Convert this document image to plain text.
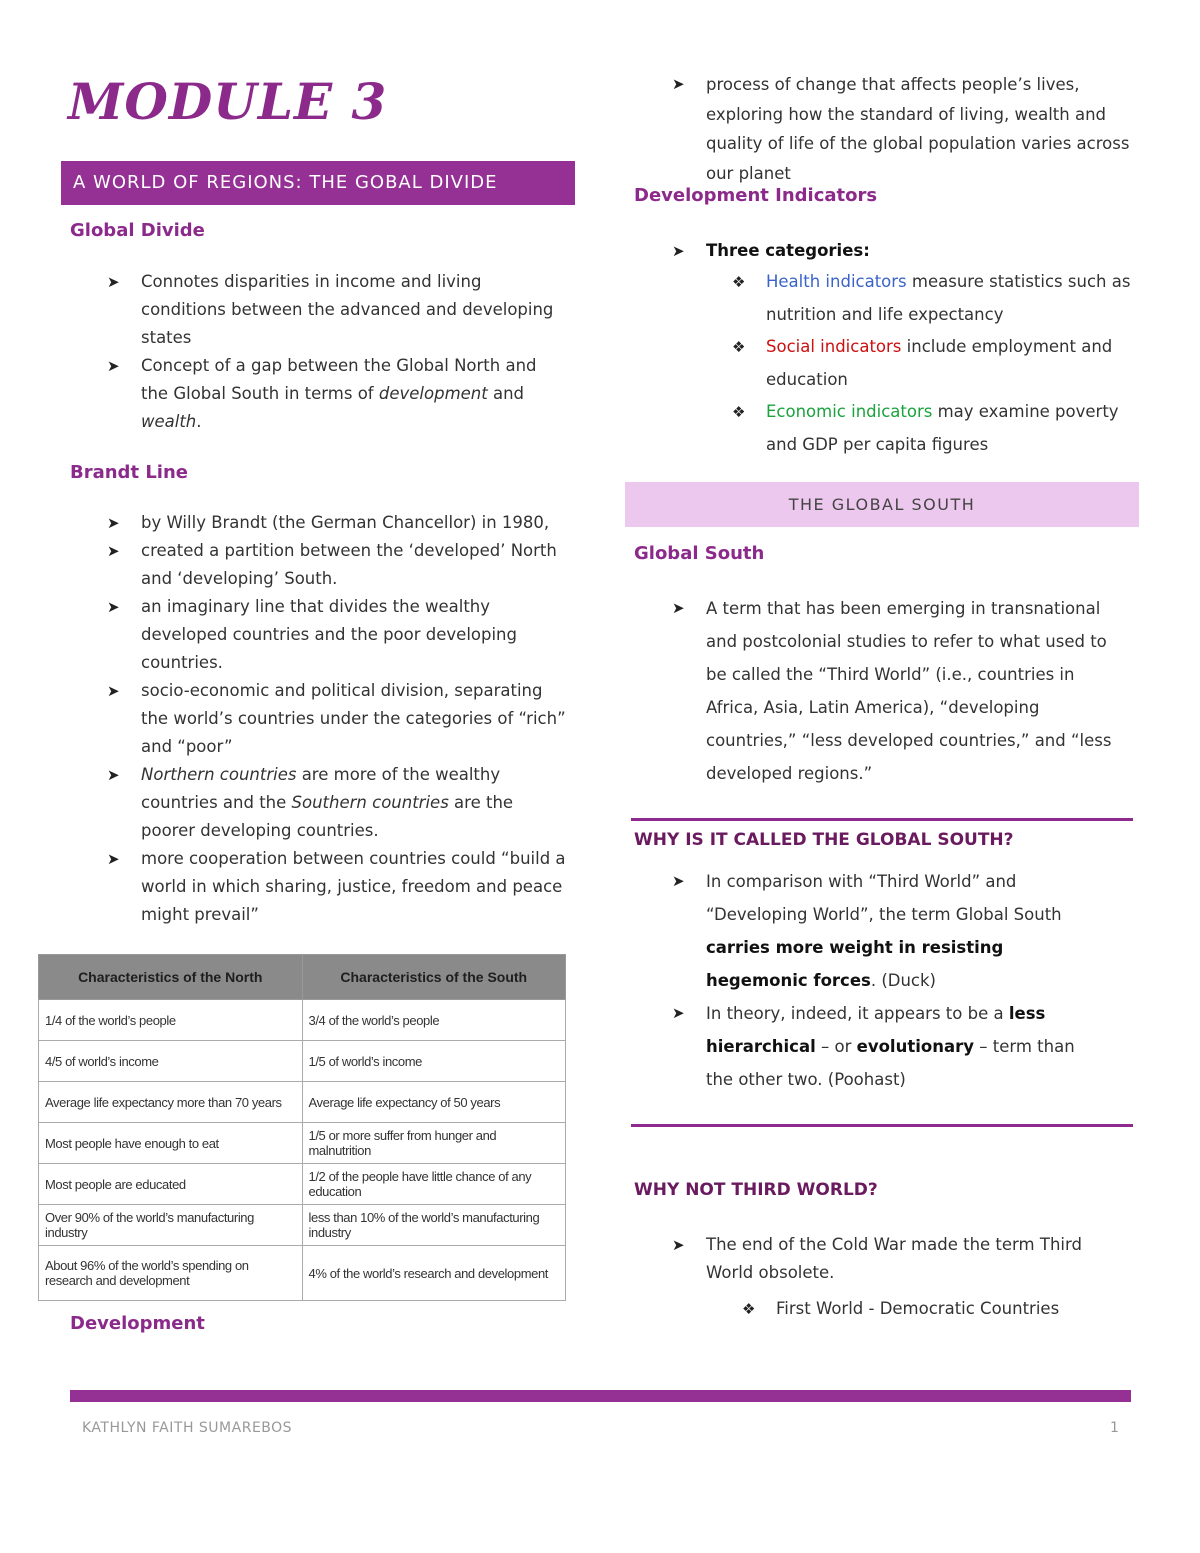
MODULE 3
A WORLD OF REGIONS: THE GOBAL DIVIDE
Global Divide
➤ Connotes disparities in income and living conditions between the advanced and developing states
➤ Concept of a gap between the Global North and the Global South in terms of development and wealth.
Brandt Line
➤ by Willy Brandt (the German Chancellor) in 1980,
➤ created a partition between the ‘developed’ North and ‘developing’ South.
➤ an imaginary line that divides the wealthy developed countries and the poor developing countries.
➤ socio-economic and political division, separating the world’s countries under the categories of “rich” and “poor”
➤ Northern countries are more of the wealthy countries and the Southern countries are the poorer developing countries.
➤ more cooperation between countries could “build a world in which sharing, justice, freedom and peace might prevail”
Characteristics of the North	Characteristics of the South
1/4 of the world’s people	3/4 of the world’s people
4/5 of world’s income	1/5 of world’s income
Average life expectancy more than 70 years	Average life expectancy of 50 years
Most people have enough to eat	1/5 or more suffer from hunger and malnutrition
Most people are educated	1/2 of the people have little chance of any education
Over 90% of the world’s manufacturing industry	less than 10% of the world’s manufacturing industry
About 96% of the world’s spending on research and development	4% of the world’s research and development
Development
➤ process of change that affects people’s lives, exploring how the standard of living, wealth and quality of life of the global population varies across our planet
Development Indicators
➤ Three categories:
❖ Health indicators measure statistics such as nutrition and life expectancy
❖ Social indicators include employment and education
❖ Economic indicators may examine poverty and GDP per capita figures
THE GLOBAL SOUTH
Global South
➤ A term that has been emerging in transnational and postcolonial studies to refer to what used to be called the “Third World” (i.e., countries in Africa, Asia, Latin America), “developing countries,” “less developed countries,” and “less developed regions.”
WHY IS IT CALLED THE GLOBAL SOUTH?
➤ In comparison with “Third World” and “Developing World”, the term Global South carries more weight in resisting hegemonic forces. (Duck)
➤ In theory, indeed, it appears to be a less hierarchical – or evolutionary – term than the other two. (Poohast)
WHY NOT THIRD WORLD?
➤ The end of the Cold War made the term Third World obsolete.
❖ First World - Democratic Countries
KATHLYN FAITH SUMAREBOS	1
